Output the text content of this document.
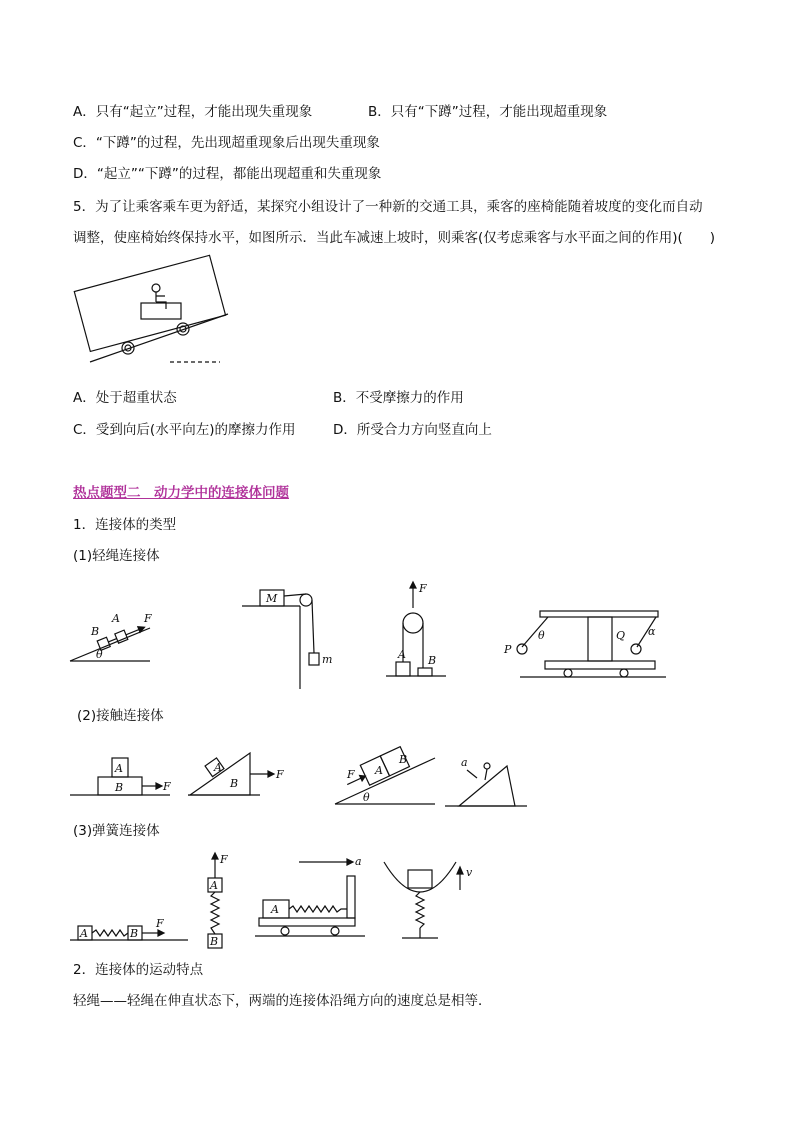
A．只有“起立”过程，才能出现失重现象	B．只有“下蹲”过程，才能出现超重现象
C．“下蹲”的过程，先出现超重现象后出现失重现象
D．“起立”“下蹲”的过程，都能出现超重和失重现象
5．为了让乘客乘车更为舒适，某探究小组设计了一种新的交通工具，乘客的座椅能随着坡度的变化而自动
调整，使座椅始终保持水平，如图所示．当此车减速上坡时，则乘客(仅考虑乘客与水平面之间的作用)(　　)
A．处于超重状态	B．不受摩擦力的作用
C．受到向后(水平向左)的摩擦力作用	D．所受合力方向竖直向上
热点题型二　动力学中的连接体问题
1．连接体的类型
(1)轻绳连接体
B
A F
θ
M
m
F
A B
P
θ	Q α
(2)接触连接体
A
B	F
A
B
F	F A
B
θ
a
(3)弹簧连接体
A	B
F
F
A
B
a
A
v
2．连接体的运动特点
轻绳——轻绳在伸直状态下，两端的连接体沿绳方向的速度总是相等．
